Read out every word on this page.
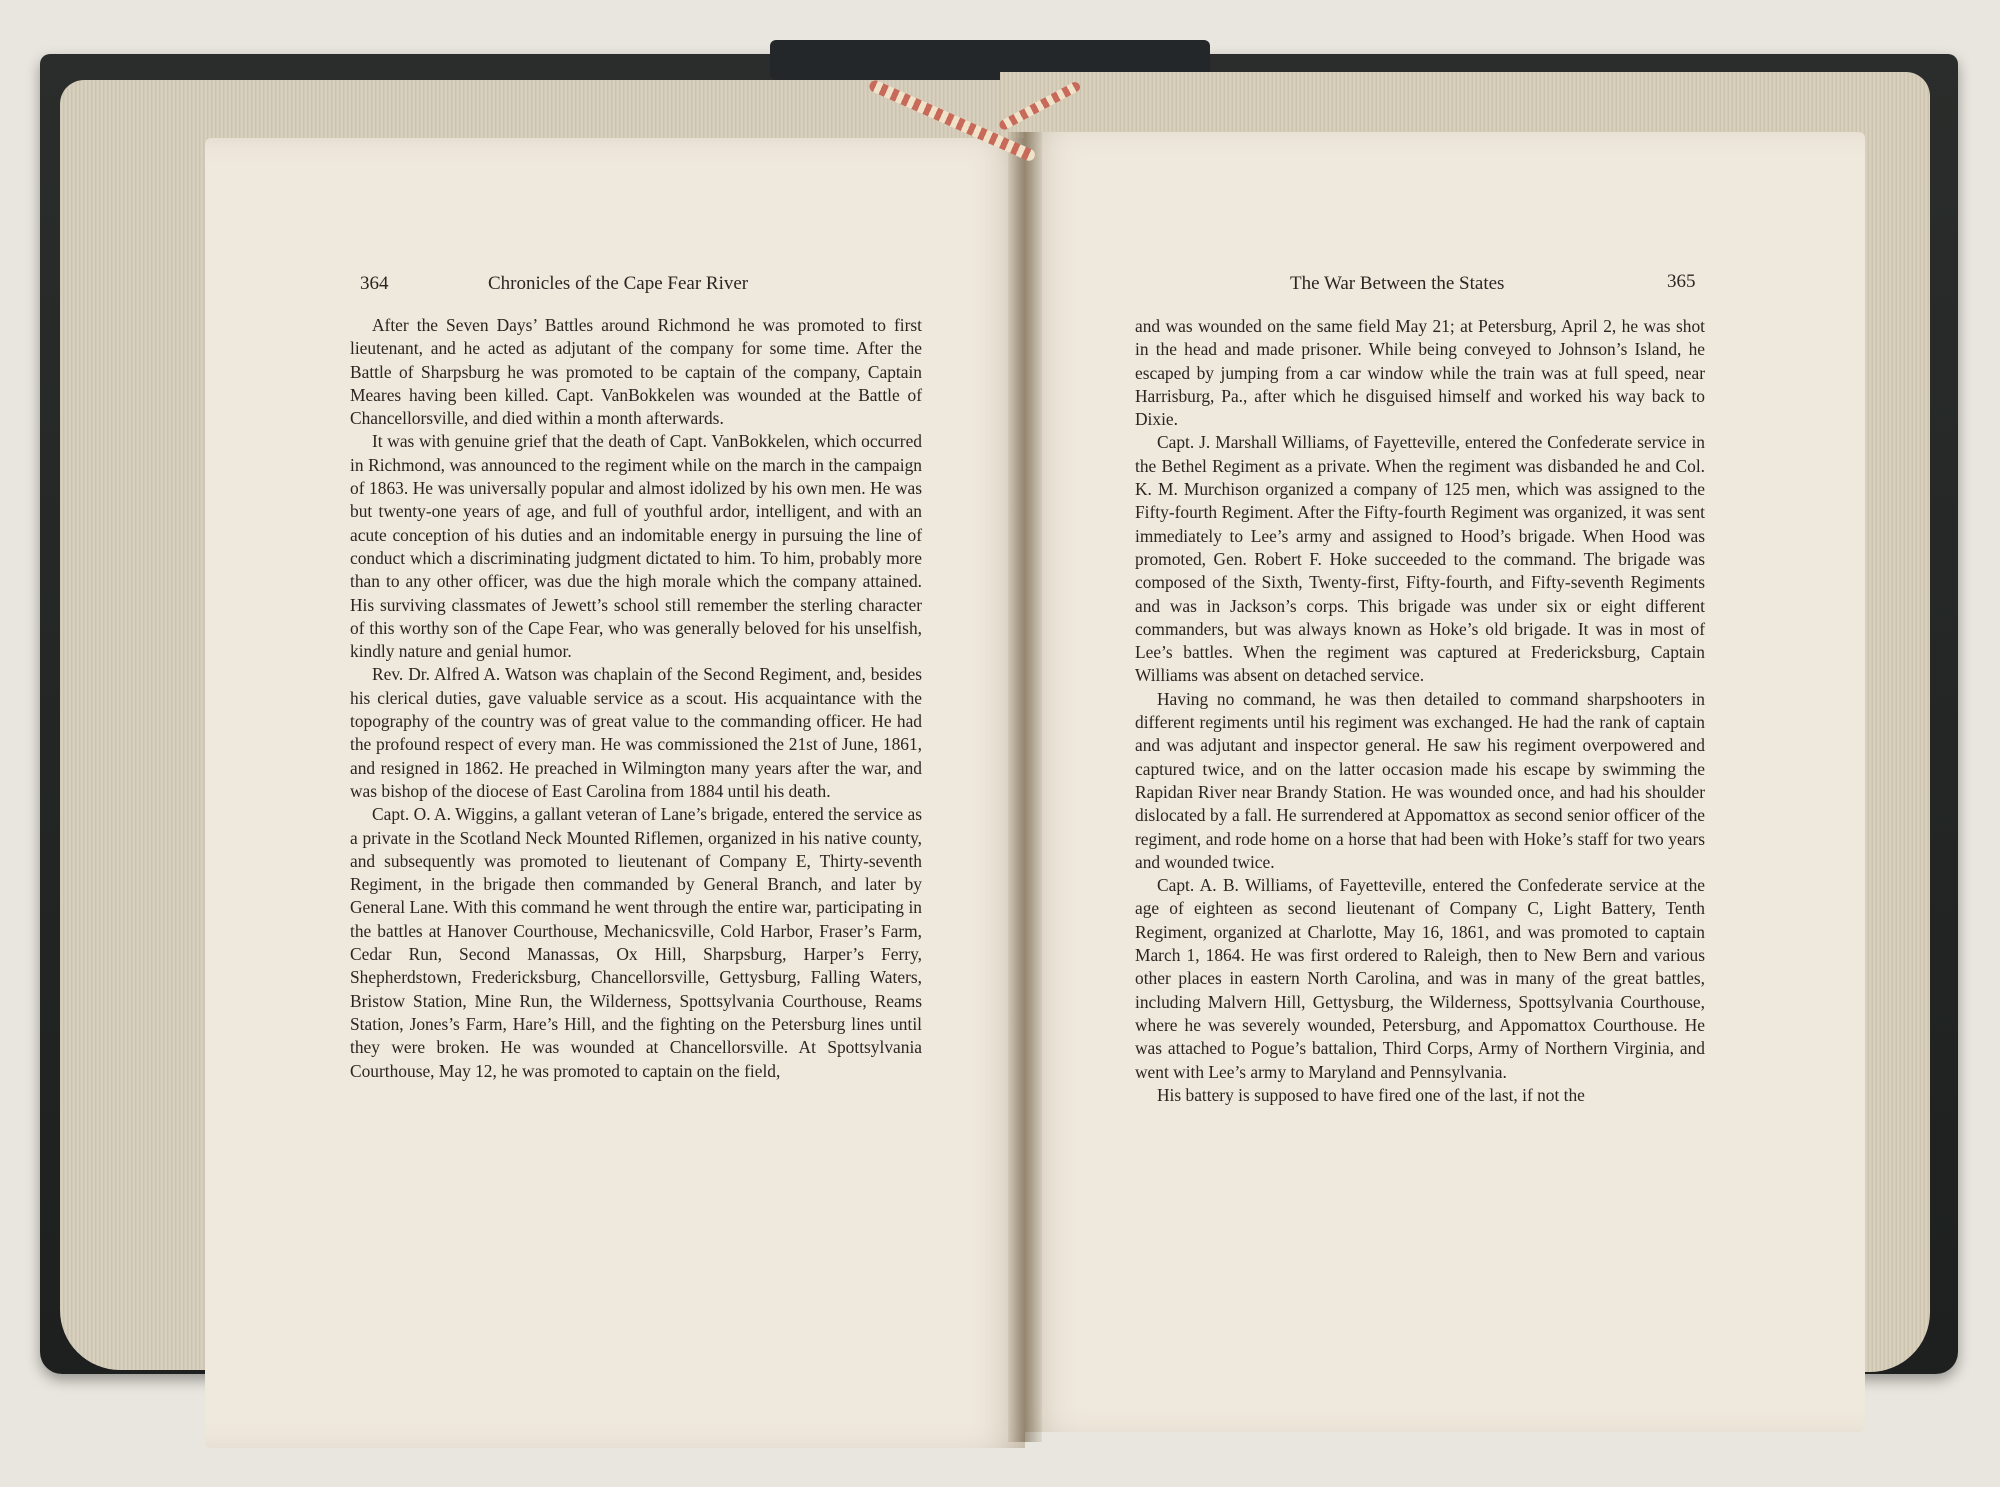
364	Chronicles of the Cape Fear River	The War Between the States	365

After the Seven Days’ Battles around Richmond he was promoted to first lieutenant, and he acted as adjutant of the company for some time. After the Battle of Sharpsburg he was promoted to be captain of the company, Captain Meares having been killed. Capt. VanBokkelen was wounded at the Battle of Chancellorsville, and died within a month afterwards.

It was with genuine grief that the death of Capt. VanBokkelen, which occurred in Richmond, was announced to the regiment while on the march in the campaign of 1863. He was universally popular and almost idolized by his own men. He was but twenty-one years of age, and full of youthful ardor, intelligent, and with an acute conception of his duties and an indomitable energy in pursuing the line of conduct which a discriminating judgment dictated to him. To him, probably more than to any other officer, was due the high morale which the company attained. His surviving classmates of Jewett’s school still remember the sterling character of this worthy son of the Cape Fear, who was generally beloved for his unselfish, kindly nature and genial humor.

Rev. Dr. Alfred A. Watson was chaplain of the Second Regiment, and, besides his clerical duties, gave valuable service as a scout. His acquaintance with the topography of the country was of great value to the commanding officer. He had the profound respect of every man. He was commissioned the 21st of June, 1861, and resigned in 1862. He preached in Wilmington many years after the war, and was bishop of the diocese of East Carolina from 1884 until his death.

Capt. O. A. Wiggins, a gallant veteran of Lane’s brigade, entered the service as a private in the Scotland Neck Mounted Riflemen, organized in his native county, and subsequently was promoted to lieutenant of Company E, Thirty-seventh Regiment, in the brigade then commanded by General Branch, and later by General Lane. With this command he went through the entire war, participating in the battles at Hanover Courthouse, Mechanicsville, Cold Harbor, Fraser’s Farm, Cedar Run, Second Manassas, Ox Hill, Sharpsburg, Harper’s Ferry, Shepherdstown, Fredericksburg, Chancellorsville, Gettysburg, Falling Waters, Bristow Station, Mine Run, the Wilderness, Spottsylvania Courthouse, Reams Station, Jones’s Farm, Hare’s Hill, and the fighting on the Petersburg lines until they were broken. He was wounded at Chancellorsville. At Spottsylvania Courthouse, May 12, he was promoted to captain on the field,

and was wounded on the same field May 21; at Petersburg, April 2, he was shot in the head and made prisoner. While being conveyed to Johnson’s Island, he escaped by jumping from a car window while the train was at full speed, near Harrisburg, Pa., after which he disguised himself and worked his way back to Dixie.

Capt. J. Marshall Williams, of Fayetteville, entered the Confederate service in the Bethel Regiment as a private. When the regiment was disbanded he and Col. K. M. Murchison organized a company of 125 men, which was assigned to the Fifty-fourth Regiment. After the Fifty-fourth Regiment was organized, it was sent immediately to Lee’s army and assigned to Hood’s brigade. When Hood was promoted, Gen. Robert F. Hoke succeeded to the command. The brigade was composed of the Sixth, Twenty-first, Fifty-fourth, and Fifty-seventh Regiments and was in Jackson’s corps. This brigade was under six or eight different commanders, but was always known as Hoke’s old brigade. It was in most of Lee’s battles. When the regiment was captured at Fredericksburg, Captain Williams was absent on detached service.

Having no command, he was then detailed to command sharpshooters in different regiments until his regiment was exchanged. He had the rank of captain and was adjutant and inspector general. He saw his regiment overpowered and captured twice, and on the latter occasion made his escape by swimming the Rapidan River near Brandy Station. He was wounded once, and had his shoulder dislocated by a fall. He surrendered at Appomattox as second senior officer of the regiment, and rode home on a horse that had been with Hoke’s staff for two years and wounded twice.

Capt. A. B. Williams, of Fayetteville, entered the Confederate service at the age of eighteen as second lieutenant of Company C, Light Battery, Tenth Regiment, organized at Charlotte, May 16, 1861, and was promoted to captain March 1, 1864. He was first ordered to Raleigh, then to New Bern and various other places in eastern North Carolina, and was in many of the great battles, including Malvern Hill, Gettysburg, the Wilderness, Spottsylvania Courthouse, where he was severely wounded, Petersburg, and Appomattox Courthouse. He was attached to Pogue’s battalion, Third Corps, Army of Northern Virginia, and went with Lee’s army to Maryland and Pennsylvania.

His battery is supposed to have fired one of the last, if not the
